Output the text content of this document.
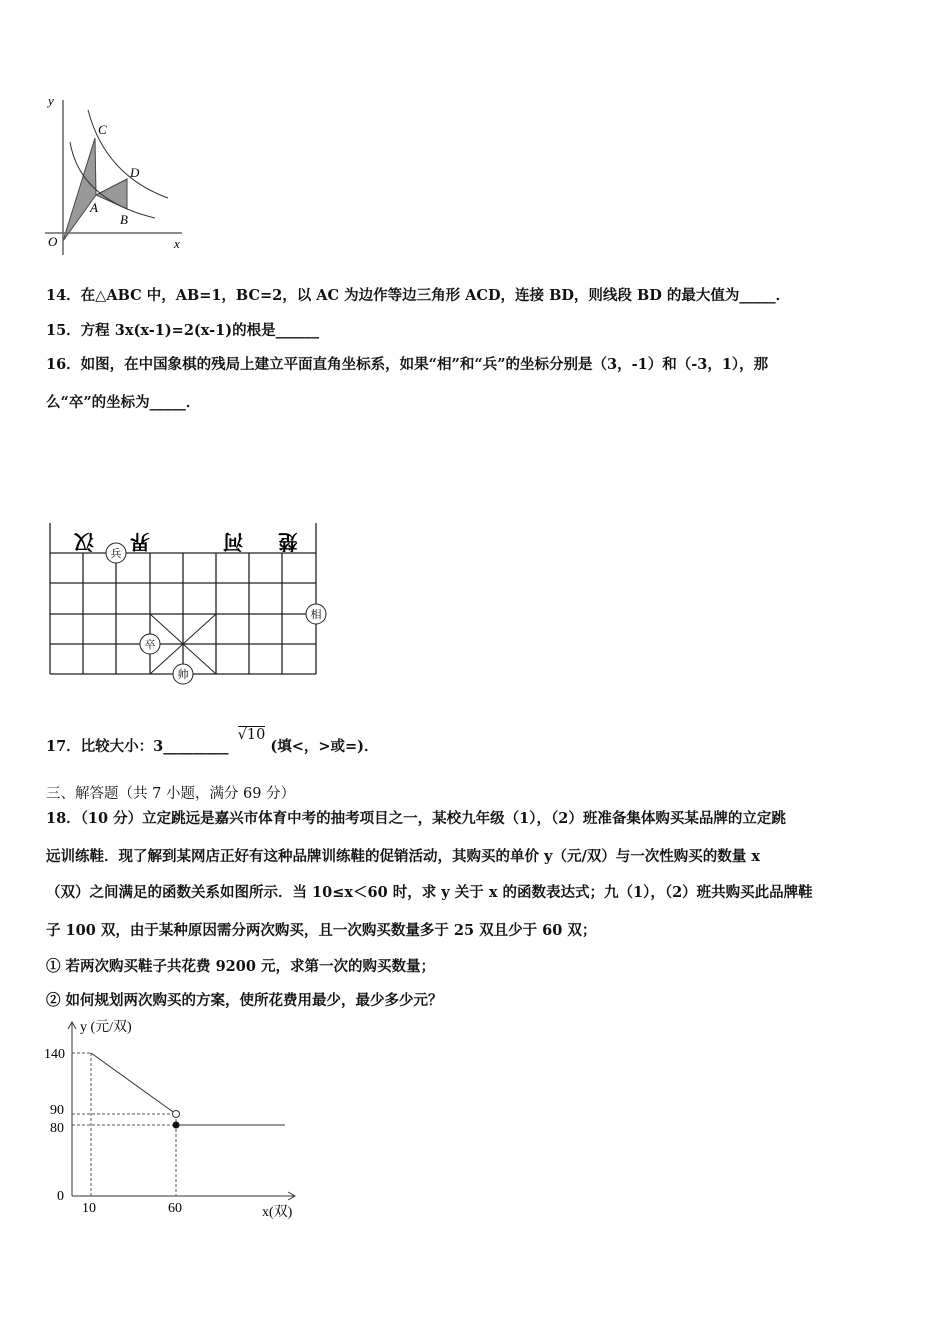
y
x
O
A
B
C
D
14．在△ABC 中，AB=1，BC=2，以 AC 为边作等边三角形 ACD，连接 BD，则线段 BD 的最大值为_____．
15．方程 3x(x-1)=2(x-1)的根是______
16．如图，在中国象棋的残局上建立平面直角坐标系，如果“相”和“兵”的坐标分别是（3，-1）和（-3，1），那
么“卒”的坐标为_____．
汉 界	河 楚
兵
相
卒
帅
17．比较大小：3_________ √10 (填<，>或=)．
三、解答题（共 7 小题，满分 69 分）
18．（10 分）立定跳远是嘉兴市体育中考的抽考项目之一，某校九年级（1），（2）班准备集体购买某品牌的立定跳
远训练鞋．现了解到某网店正好有这种品牌训练鞋的促销活动，其购买的单价 y（元/双）与一次性购买的数量 x
（双）之间满足的函数关系如图所示．当 10≤x＜60 时，求 y 关于 x 的函数表达式；九（1），（2）班共购买此品牌鞋
子 100 双，由于某种原因需分两次购买，且一次购买数量多于 25 双且少于 60 双；
① 若两次购买鞋子共花费 9200 元，求第一次的购买数量；
② 如何规划两次购买的方案，使所花费用最少，最少多少元？
y (元/双)
x(双)
140
90
80
0
10	60
